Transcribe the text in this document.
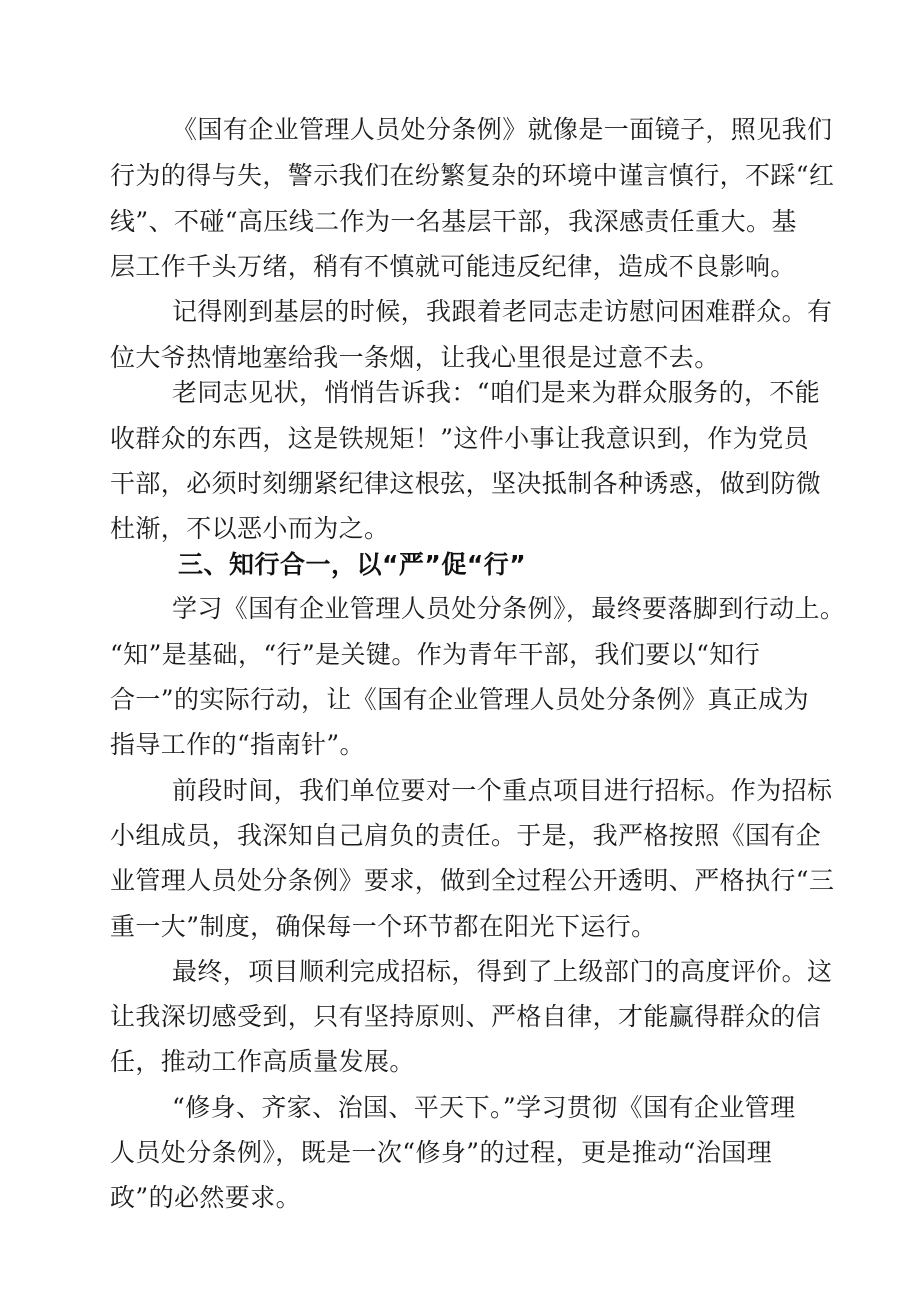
《国有企业管理人员处分条例》就像是一面镜子，照见我们

行为的得与失，警示我们在纷繁复杂的环境中谨言慎行，不踩“红

线”、不碰“高压线二作为一名基层干部，我深感责任重大。基

层工作千头万绪，稍有不慎就可能违反纪律，造成不良影响。

记得刚到基层的时候，我跟着老同志走访慰问困难群众。有

位大爷热情地塞给我一条烟，让我心里很是过意不去。

老同志见状，悄悄告诉我：“咱们是来为群众服务的，不能

收群众的东西，这是铁规矩！”这件小事让我意识到，作为党员

干部，必须时刻绷紧纪律这根弦，坚决抵制各种诱惑，做到防微

杜渐，不以恶小而为之。

三、知行合一，以“严”促“行”

学习《国有企业管理人员处分条例》，最终要落脚到行动上。

“知”是基础，“行”是关键。作为青年干部，我们要以“知行

合一”的实际行动，让《国有企业管理人员处分条例》真正成为

指导工作的“指南针”。

前段时间，我们单位要对一个重点项目进行招标。作为招标

小组成员，我深知自己肩负的责任。于是，我严格按照《国有企

业管理人员处分条例》要求，做到全过程公开透明、严格执行“三

重一大”制度，确保每一个环节都在阳光下运行。

最终，项目顺利完成招标，得到了上级部门的高度评价。这

让我深切感受到，只有坚持原则、严格自律，才能赢得群众的信

任，推动工作高质量发展。

“修身、齐家、治国、平天下。”学习贯彻《国有企业管理

人员处分条例》，既是一次“修身”的过程，更是推动“治国理

政”的必然要求。
